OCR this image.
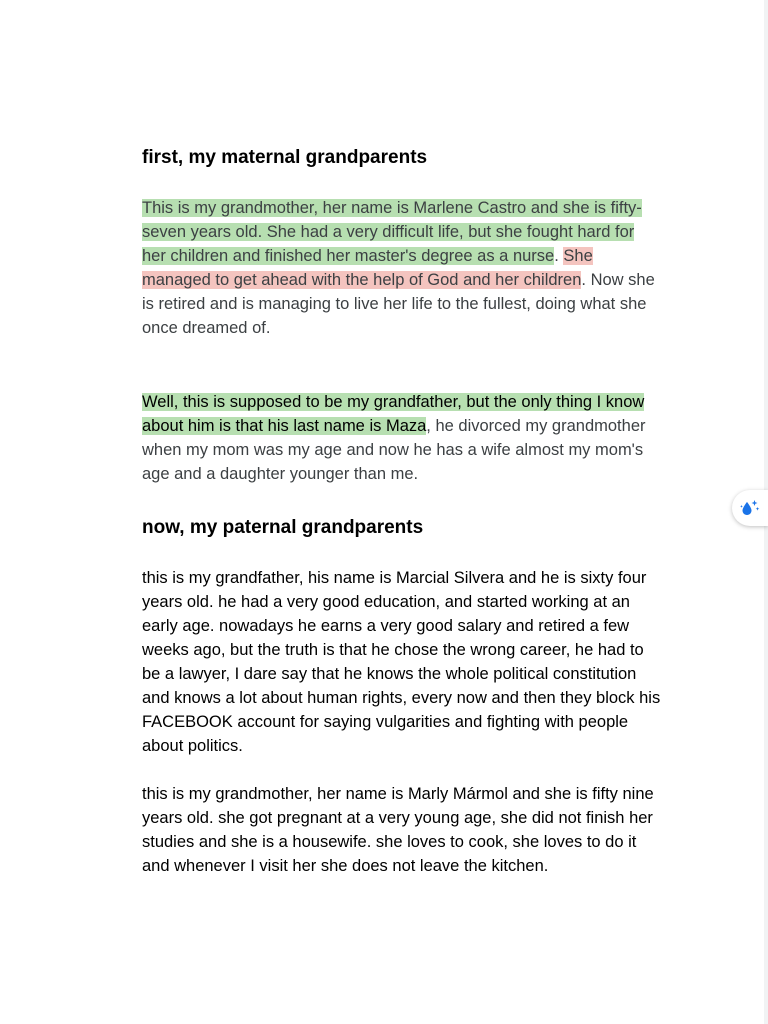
first, my maternal grandparents

This is my grandmother, her name is Marlene Castro and she is fifty-seven years old. She had a very difficult life, but she fought hard for her children and finished her master's degree as a nurse. She managed to get ahead with the help of God and her children. Now she is retired and is managing to live her life to the fullest, doing what she once dreamed of.

Well, this is supposed to be my grandfather, but the only thing I know about him is that his last name is Maza, he divorced my grandmother when my mom was my age and now he has a wife almost my mom's age and a daughter younger than me.

now, my paternal grandparents

this is my grandfather, his name is Marcial Silvera and he is sixty four years old. he had a very good education, and started working at an early age. nowadays he earns a very good salary and retired a few weeks ago, but the truth is that he chose the wrong career, he had to be a lawyer, I dare say that he knows the whole political constitution and knows a lot about human rights, every now and then they block his FACEBOOK account for saying vulgarities and fighting with people about politics.

this is my grandmother, her name is Marly Mármol and she is fifty nine years old. she got pregnant at a very young age, she did not finish her studies and she is a housewife. she loves to cook, she loves to do it and whenever I visit her she does not leave the kitchen.
